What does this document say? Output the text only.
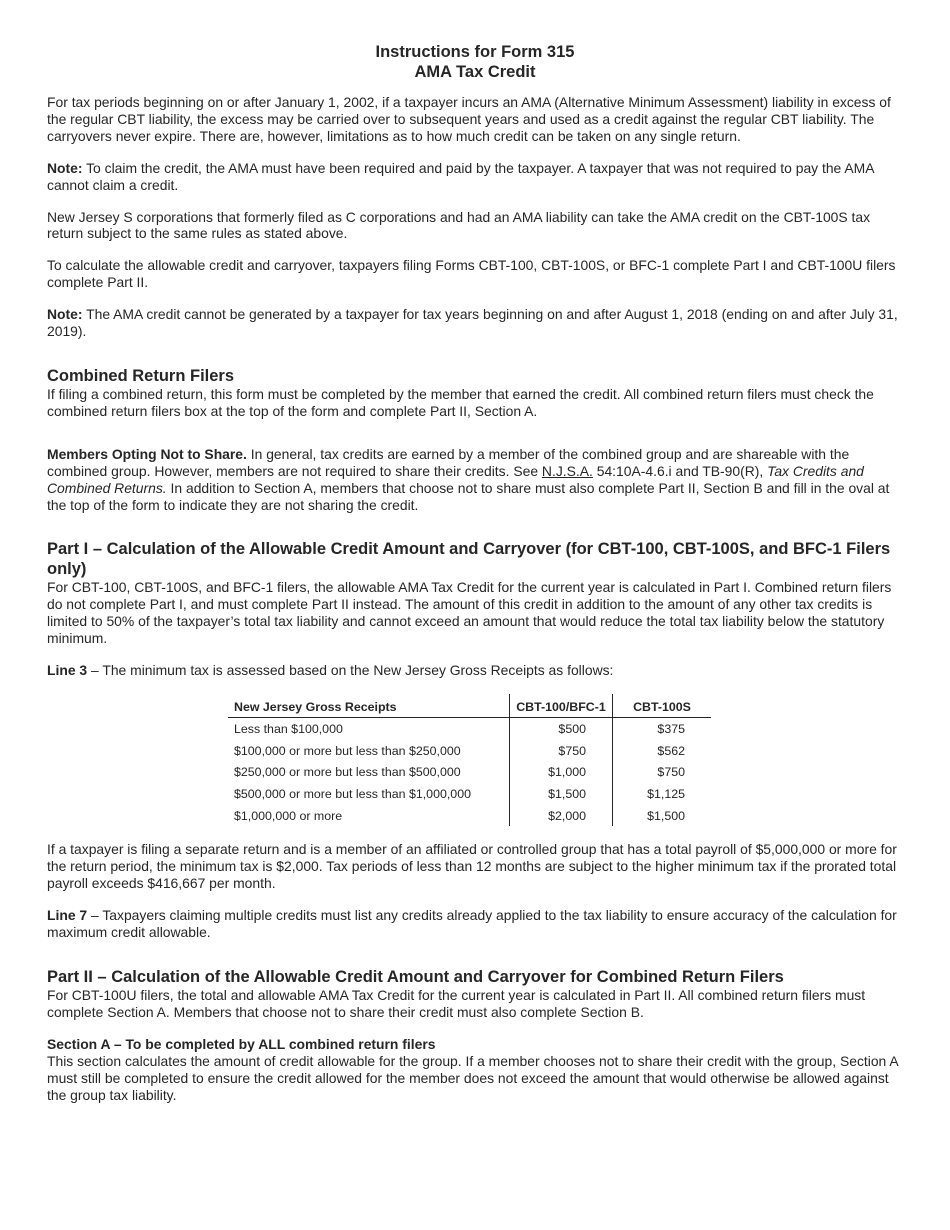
Instructions for Form 315
AMA Tax Credit

For tax periods beginning on or after January 1, 2002, if a taxpayer incurs an AMA (Alternative Minimum Assessment) liability in excess of the regular CBT liability, the excess may be carried over to subsequent years and used as a credit against the regular CBT liability. The carryovers never expire. There are, however, limitations as to how much credit can be taken on any single return.

Note: To claim the credit, the AMA must have been required and paid by the taxpayer. A taxpayer that was not required to pay the AMA cannot claim a credit.

New Jersey S corporations that formerly filed as C corporations and had an AMA liability can take the AMA credit on the CBT-100S tax return subject to the same rules as stated above.

To calculate the allowable credit and carryover, taxpayers filing Forms CBT-100, CBT-100S, or BFC-1 complete Part I and CBT-100U filers complete Part II.

Note: The AMA credit cannot be generated by a taxpayer for tax years beginning on and after August 1, 2018 (ending on and after July 31, 2019).

Combined Return Filers

If filing a combined return, this form must be completed by the member that earned the credit. All combined return filers must check the combined return filers box at the top of the form and complete Part II, Section A.

Members Opting Not to Share. In general, tax credits are earned by a member of the combined group and are shareable with the combined group. However, members are not required to share their credits. See N.J.S.A. 54:10A-4.6.i and TB-90(R), Tax Credits and Combined Returns. In addition to Section A, members that choose not to share must also complete Part II, Section B and fill in the oval at the top of the form to indicate they are not sharing the credit.

Part I – Calculation of the Allowable Credit Amount and Carryover (for CBT-100, CBT-100S, and BFC-1 Filers only)

For CBT-100, CBT-100S, and BFC-1 filers, the allowable AMA Tax Credit for the current year is calculated in Part I. Combined return filers do not complete Part I, and must complete Part II instead. The amount of this credit in addition to the amount of any other tax credits is limited to 50% of the taxpayer’s total tax liability and cannot exceed an amount that would reduce the total tax liability below the statutory minimum.

Line 3 – The minimum tax is assessed based on the New Jersey Gross Receipts as follows:

New Jersey Gross Receipts	CBT-100/BFC-1	CBT-100S
Less than $100,000	$500	$375
$100,000 or more but less than $250,000	$750	$562
$250,000 or more but less than $500,000	$1,000	$750
$500,000 or more but less than $1,000,000	$1,500	$1,125
$1,000,000 or more	$2,000	$1,500

If a taxpayer is filing a separate return and is a member of an affiliated or controlled group that has a total payroll of $5,000,000 or more for the return period, the minimum tax is $2,000. Tax periods of less than 12 months are subject to the higher minimum tax if the prorated total payroll exceeds $416,667 per month.

Line 7 – Taxpayers claiming multiple credits must list any credits already applied to the tax liability to ensure accuracy of the calculation for maximum credit allowable.

Part II – Calculation of the Allowable Credit Amount and Carryover for Combined Return Filers

For CBT-100U filers, the total and allowable AMA Tax Credit for the current year is calculated in Part II. All combined return filers must complete Section A. Members that choose not to share their credit must also complete Section B.

Section A – To be completed by ALL combined return filers

This section calculates the amount of credit allowable for the group. If a member chooses not to share their credit with the group, Section A must still be completed to ensure the credit allowed for the member does not exceed the amount that would otherwise be allowed against the group tax liability.
